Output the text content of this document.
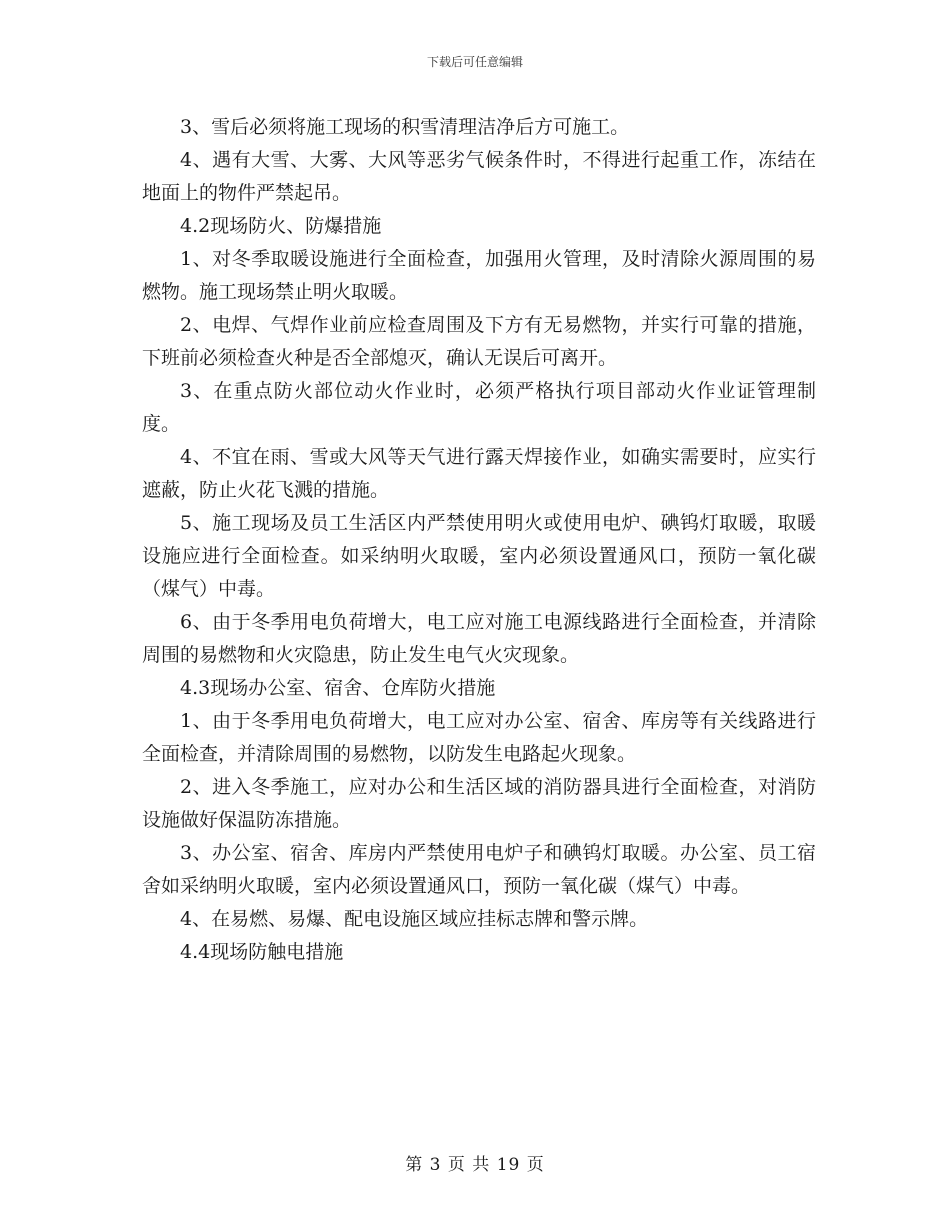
下载后可任意编辑

3、雪后必须将施工现场的积雪清理洁净后方可施工。

4、遇有大雪、大雾、大风等恶劣气候条件时，不得进行起重工作，冻结在地面上的物件严禁起吊。

4.2现场防火、防爆措施

1、对冬季取暖设施进行全面检查，加强用火管理，及时清除火源周围的易燃物。施工现场禁止明火取暖。

2、电焊、气焊作业前应检查周围及下方有无易燃物，并实行可靠的措施，下班前必须检查火种是否全部熄灭，确认无误后可离开。

3、在重点防火部位动火作业时，必须严格执行项目部动火作业证管理制度。

4、不宜在雨、雪或大风等天气进行露天焊接作业，如确实需要时，应实行遮蔽，防止火花飞溅的措施。

5、施工现场及员工生活区内严禁使用明火或使用电炉、碘钨灯取暖，取暖设施应进行全面检查。如采纳明火取暖，室内必须设置通风口，预防一氧化碳（煤气）中毒。

6、由于冬季用电负荷增大，电工应对施工电源线路进行全面检查，并清除周围的易燃物和火灾隐患，防止发生电气火灾现象。

4.3现场办公室、宿舍、仓库防火措施

1、由于冬季用电负荷增大，电工应对办公室、宿舍、库房等有关线路进行全面检查，并清除周围的易燃物，以防发生电路起火现象。

2、进入冬季施工，应对办公和生活区域的消防器具进行全面检查，对消防设施做好保温防冻措施。

3、办公室、宿舍、库房内严禁使用电炉子和碘钨灯取暖。办公室、员工宿舍如采纳明火取暖，室内必须设置通风口，预防一氧化碳（煤气）中毒。

4、在易燃、易爆、配电设施区域应挂标志牌和警示牌。

4.4现场防触电措施

第 3 页 共 19 页
